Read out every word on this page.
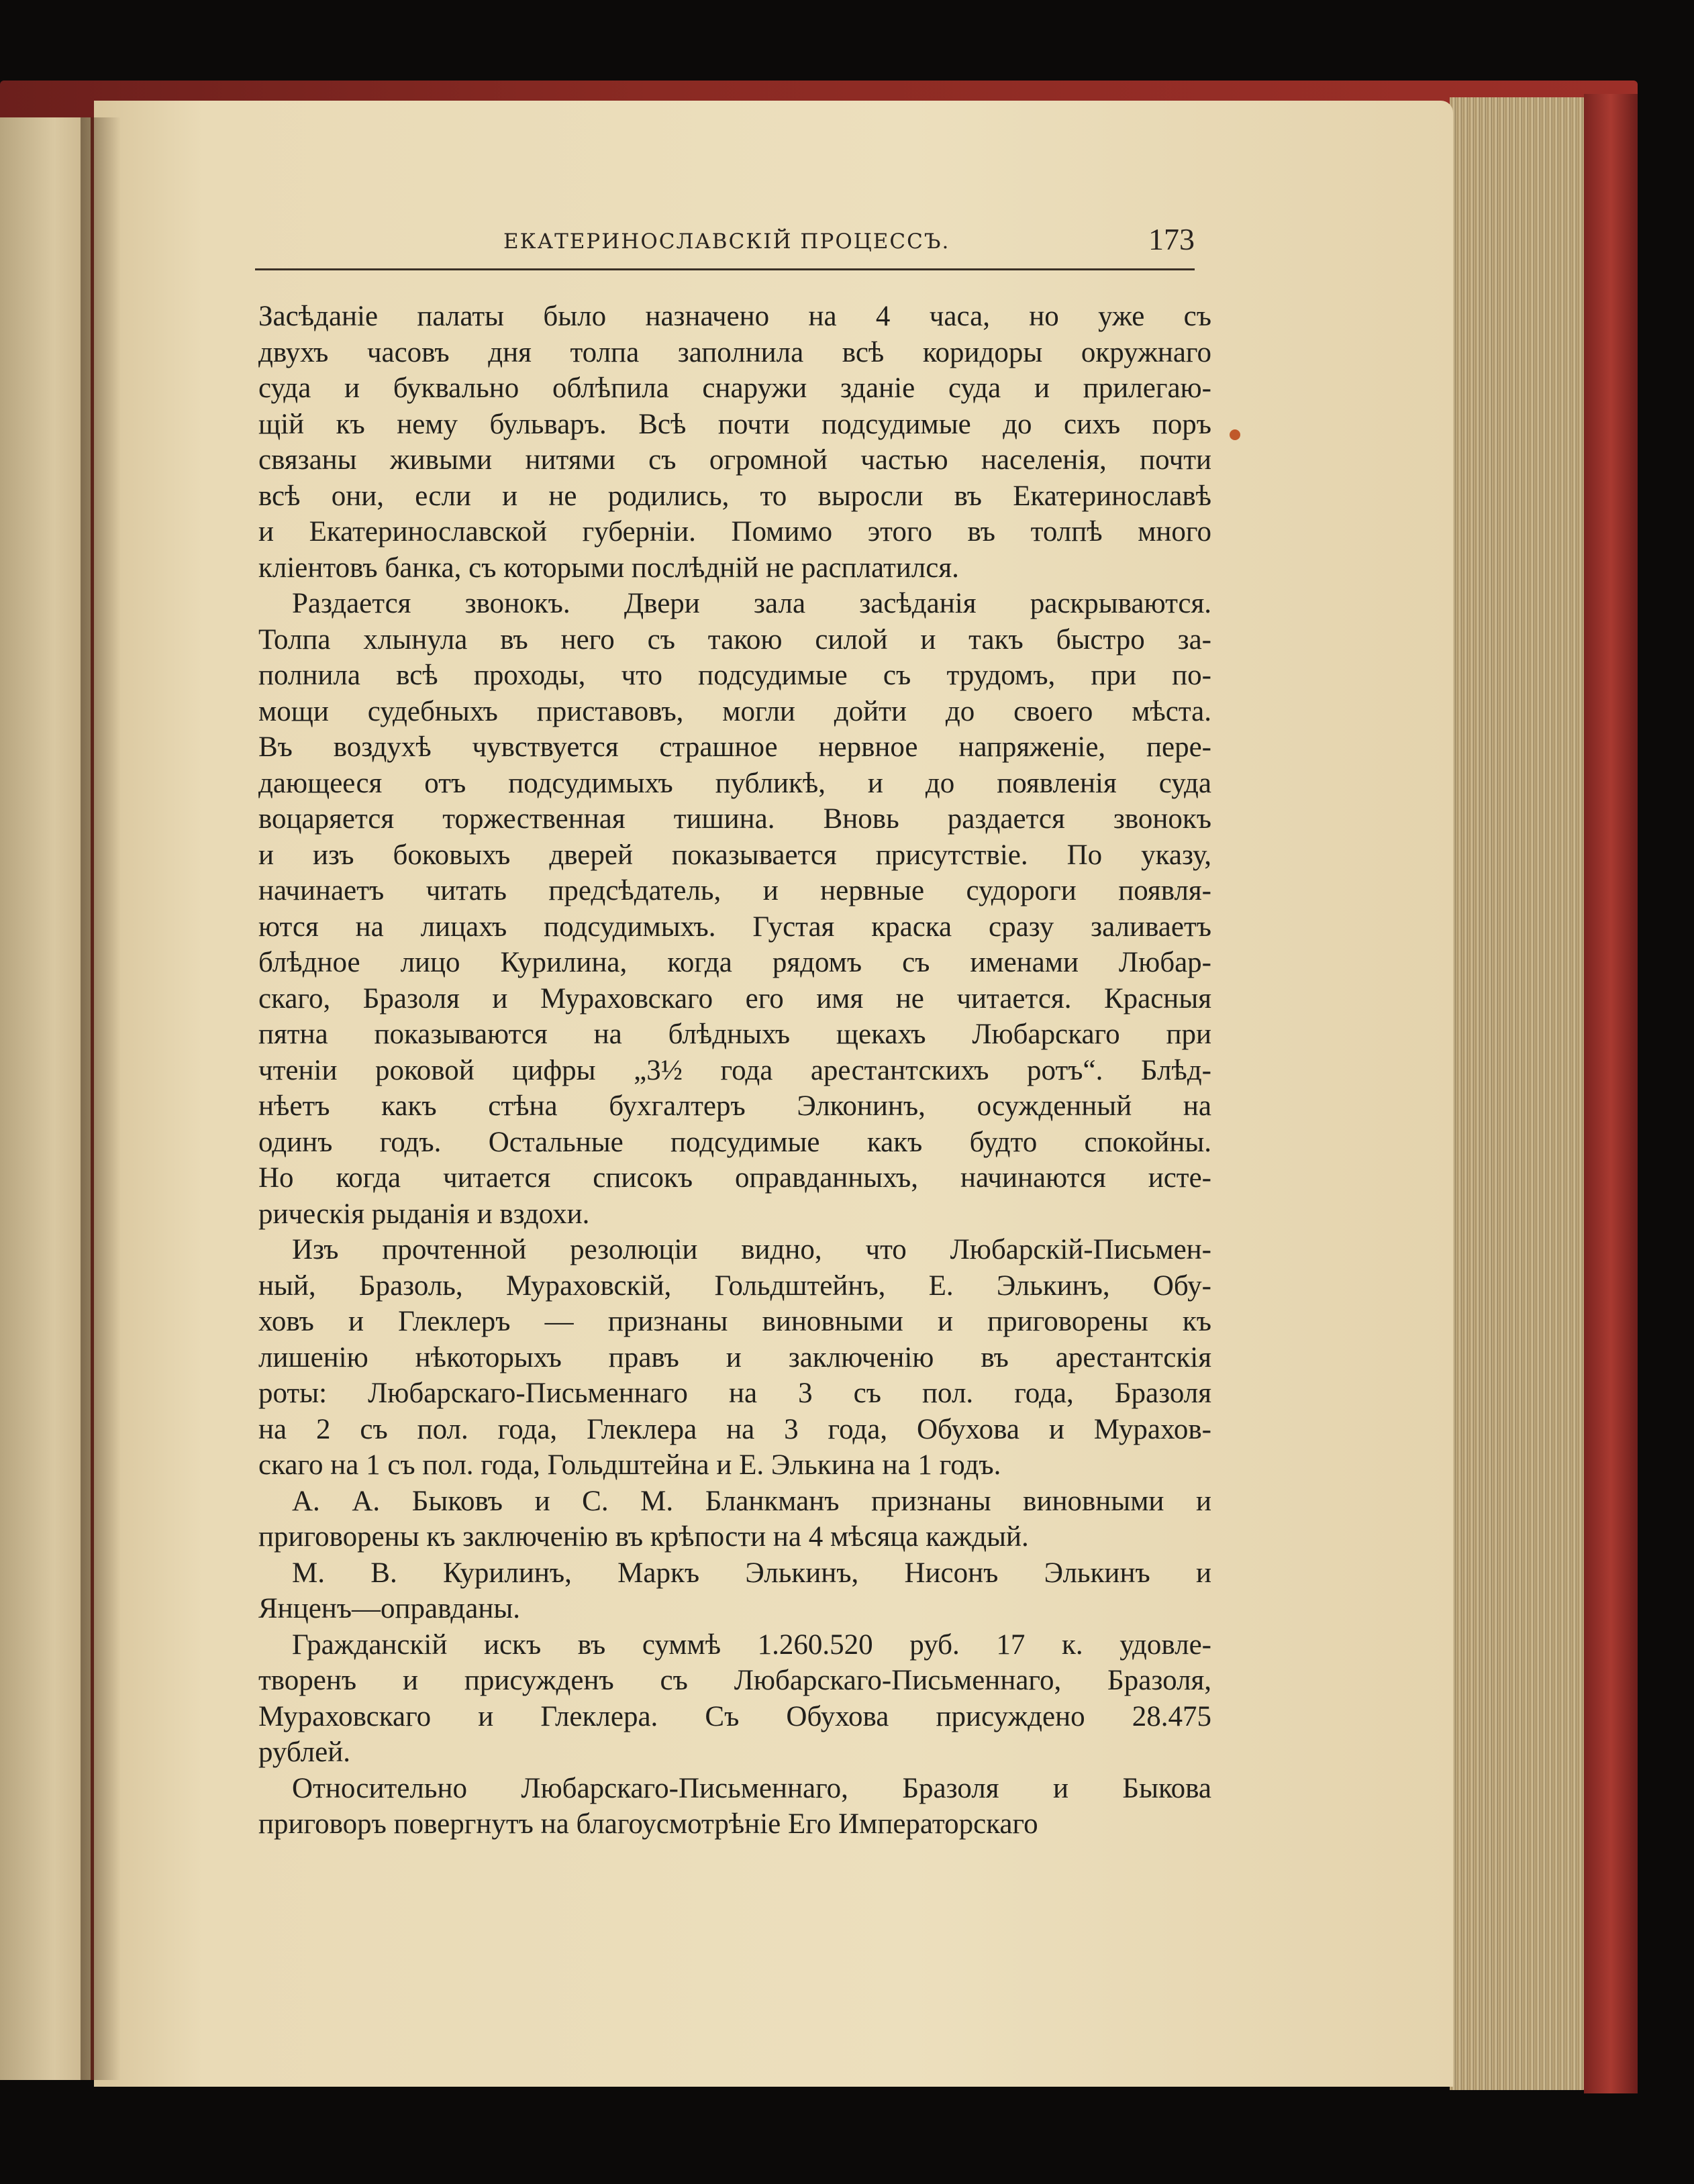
ЕКАТЕРИНОСЛАВСКІЙ ПРОЦЕССЪ.	173
Засѣданіе палаты было назначено на 4 часа, но уже съ
двухъ часовъ дня толпа заполнила всѣ коридоры окружнаго
суда и буквально облѣпила снаружи зданіе суда и прилегаю-
щій къ нему бульваръ. Всѣ почти подсудимые до сихъ поръ
связаны живыми нитями съ огромной частью населенія, почти
всѣ они, если и не родились, то выросли въ Екатеринославѣ
и Екатеринославской губерніи. Помимо этого въ толпѣ много
кліентовъ банка, съ которыми послѣдній не расплатился.
Раздается звонокъ. Двери зала засѣданія раскрываются.
Толпа хлынула въ него съ такою силой и такъ быстро за-
полнила всѣ проходы, что подсудимые съ трудомъ, при по-
мощи судебныхъ приставовъ, могли дойти до своего мѣста.
Въ воздухѣ чувствуется страшное нервное напряженіе, пере-
дающееся отъ подсудимыхъ публикѣ, и до появленія суда
воцаряется торжественная тишина. Вновь раздается звонокъ
и изъ боковыхъ дверей показывается присутствіе. По указу,
начинаетъ читать предсѣдатель, и нервные судороги появля-
ются на лицахъ подсудимыхъ. Густая краска сразу заливаетъ
блѣдное лицо Курилина, когда рядомъ съ именами Любар-
скаго, Бразоля и Мураховскаго его имя не читается. Красныя
пятна показываются на блѣдныхъ щекахъ Любарскаго при
чтеніи роковой цифры „3½ года арестантскихъ ротъ“. Блѣд-
нѣетъ какъ стѣна бухгалтеръ Элконинъ, осужденный на
одинъ годъ. Остальные подсудимые какъ будто спокойны.
Но когда читается списокъ оправданныхъ, начинаются исте-
рическія рыданія и вздохи.
Изъ прочтенной резолюціи видно, что Любарскій-Письмен-
ный, Бразоль, Мураховскій, Гольдштейнъ, Е. Элькинъ, Обу-
ховъ и Глеклеръ — признаны виновными и приговорены къ
лишенію нѣкоторыхъ правъ и заключенію въ арестантскія
роты: Любарскаго-Письменнаго на 3 съ пол. года, Бразоля
на 2 съ пол. года, Глеклера на 3 года, Обухова и Мурахов-
скаго на 1 съ пол. года, Гольдштейна и Е. Элькина на 1 годъ.
А. А. Быковъ и С. М. Бланкманъ признаны виновными и
приговорены къ заключенію въ крѣпости на 4 мѣсяца каждый.
М. В. Курилинъ, Маркъ Элькинъ, Нисонъ Элькинъ и
Янценъ—оправданы.
Гражданскій искъ въ суммѣ 1.260.520 руб. 17 к. удовле-
творенъ и присужденъ съ Любарскаго-Письменнаго, Бразоля,
Мураховскаго и Глеклера. Съ Обухова присуждено 28.475
рублей.
Относительно Любарскаго-Письменнаго, Бразоля и Быкова
приговоръ повергнутъ на благоусмотрѣніе Его Императорскаго
